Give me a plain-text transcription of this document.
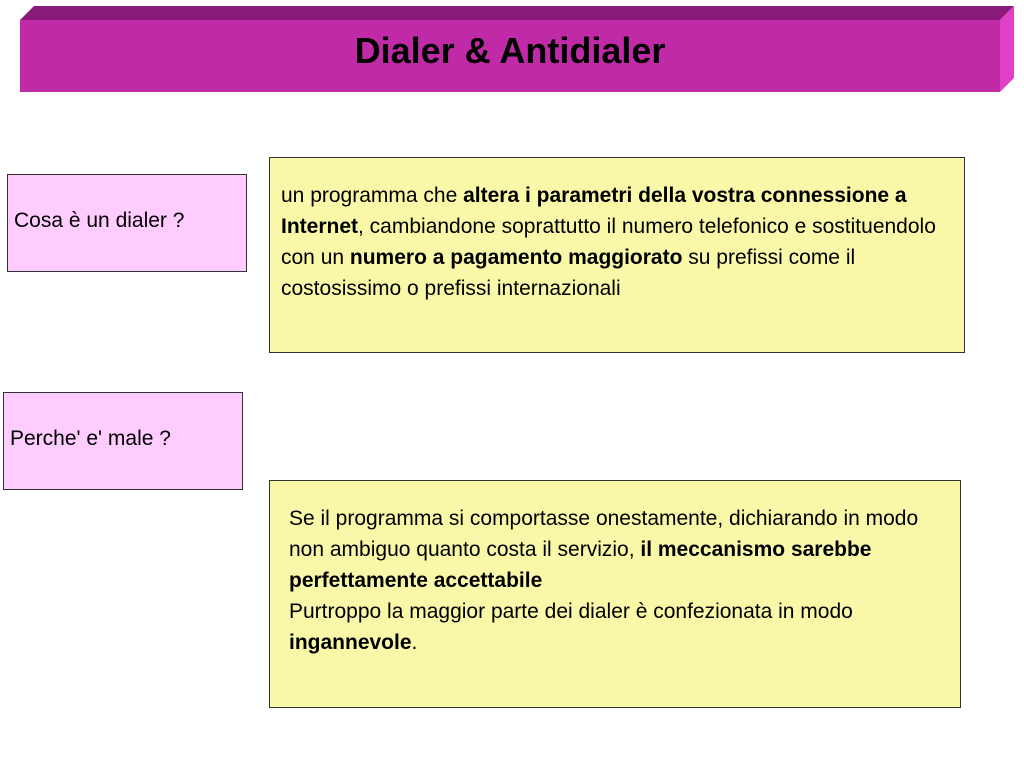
Dialer & Antidialer
Cosa è un dialer ?
un programma che altera i parametri della vostra connessione a Internet, cambiandone soprattutto il numero telefonico e sostituendolo con un numero a pagamento maggiorato su prefissi come il costosissimo o prefissi internazionali
Perche' e' male ?
Se il programma si comportasse onestamente, dichiarando in modo non ambiguo quanto costa il servizio, il meccanismo sarebbe perfettamente accettabile
Purtroppo la maggior parte dei dialer è confezionata in modo ingannevole.
